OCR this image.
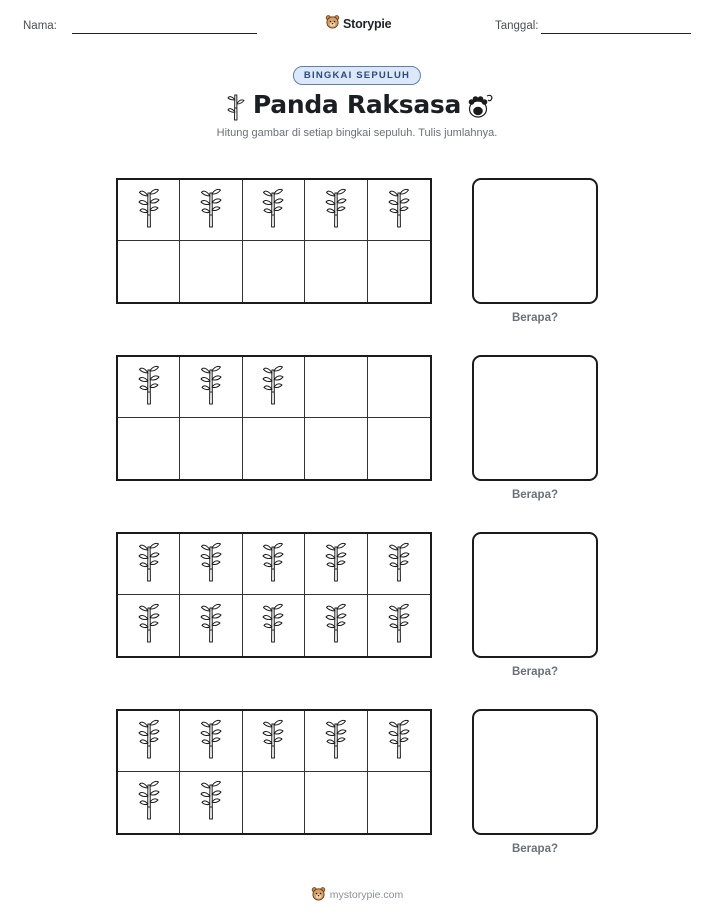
Nama:	Storypie	Tanggal:
BINGKAI SEPULUH
Panda Raksasa
Hitung gambar di setiap bingkai sepuluh. Tulis jumlahnya.
Berapa?
Berapa?
Berapa?
Berapa?
mystorypie.com
